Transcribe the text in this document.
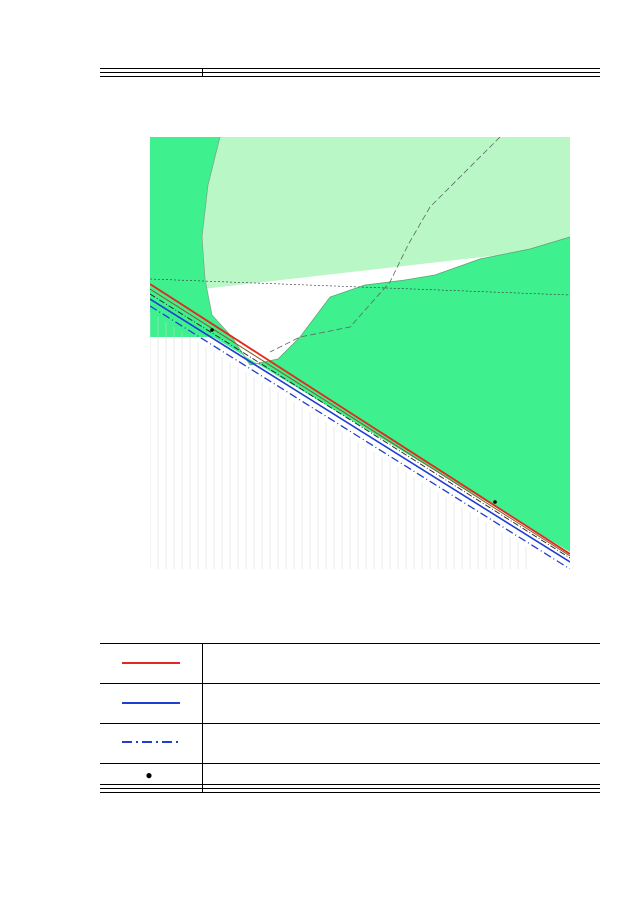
●	
